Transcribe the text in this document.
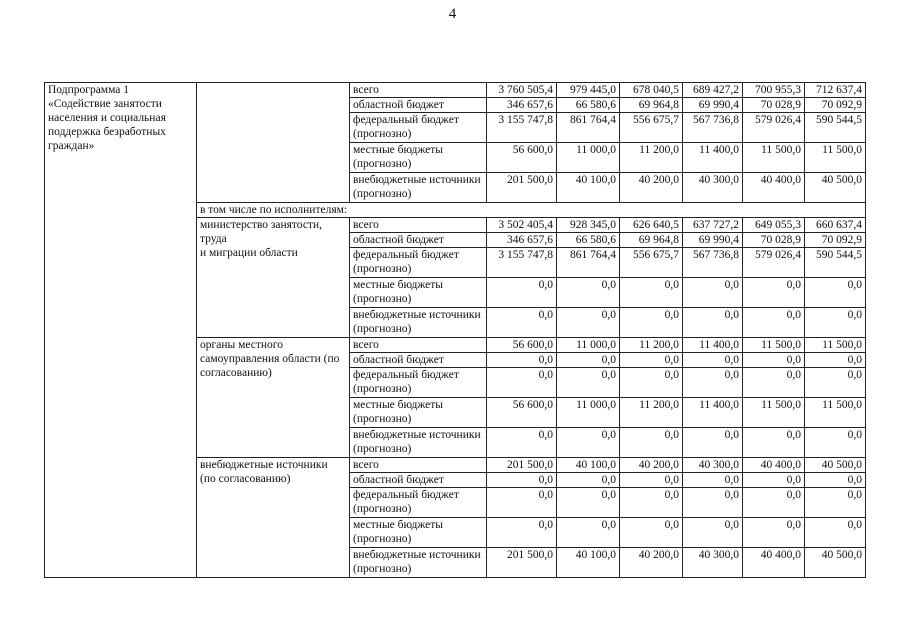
4
Подпрограмма 1
«Содействие занятости населения и социальная поддержка безработных граждан»		всего	3 760 505,4	979 445,0	678 040,5	689 427,2	700 955,3	712 637,4
		областной бюджет	346 657,6	66 580,6	69 964,8	69 990,4	70 028,9	70 092,9
		федеральный бюджет (прогнозно)	3 155 747,8	861 764,4	556 675,7	567 736,8	579 026,4	590 544,5
		местные бюджеты (прогнозно)	56 600,0	11 000,0	11 200,0	11 400,0	11 500,0	11 500,0
		внебюджетные источники (прогнозно)	201 500,0	40 100,0	40 200,0	40 300,0	40 400,0	40 500,0
	в том числе по исполнителям:							
	министерство занятости, труда
и миграции области	всего	3 502 405,4	928 345,0	626 640,5	637 727,2	649 055,3	660 637,4
		областной бюджет	346 657,6	66 580,6	69 964,8	69 990,4	70 028,9	70 092,9
		федеральный бюджет (прогнозно)	3 155 747,8	861 764,4	556 675,7	567 736,8	579 026,4	590 544,5
		местные бюджеты (прогнозно)	0,0	0,0	0,0	0,0	0,0	0,0
		внебюджетные источники (прогнозно)	0,0	0,0	0,0	0,0	0,0	0,0
	органы местного самоуправления области (по согласованию)	всего	56 600,0	11 000,0	11 200,0	11 400,0	11 500,0	11 500,0
		областной бюджет	0,0	0,0	0,0	0,0	0,0	0,0
		федеральный бюджет (прогнозно)	0,0	0,0	0,0	0,0	0,0	0,0
		местные бюджеты (прогнозно)	56 600,0	11 000,0	11 200,0	11 400,0	11 500,0	11 500,0
		внебюджетные источники (прогнозно)	0,0	0,0	0,0	0,0	0,0	0,0
	внебюджетные источники (по согласованию)	всего	201 500,0	40 100,0	40 200,0	40 300,0	40 400,0	40 500,0
		областной бюджет	0,0	0,0	0,0	0,0	0,0	0,0
		федеральный бюджет (прогнозно)	0,0	0,0	0,0	0,0	0,0	0,0
		местные бюджеты (прогнозно)	0,0	0,0	0,0	0,0	0,0	0,0
		внебюджетные источники (прогнозно)	201 500,0	40 100,0	40 200,0	40 300,0	40 400,0	40 500,0
